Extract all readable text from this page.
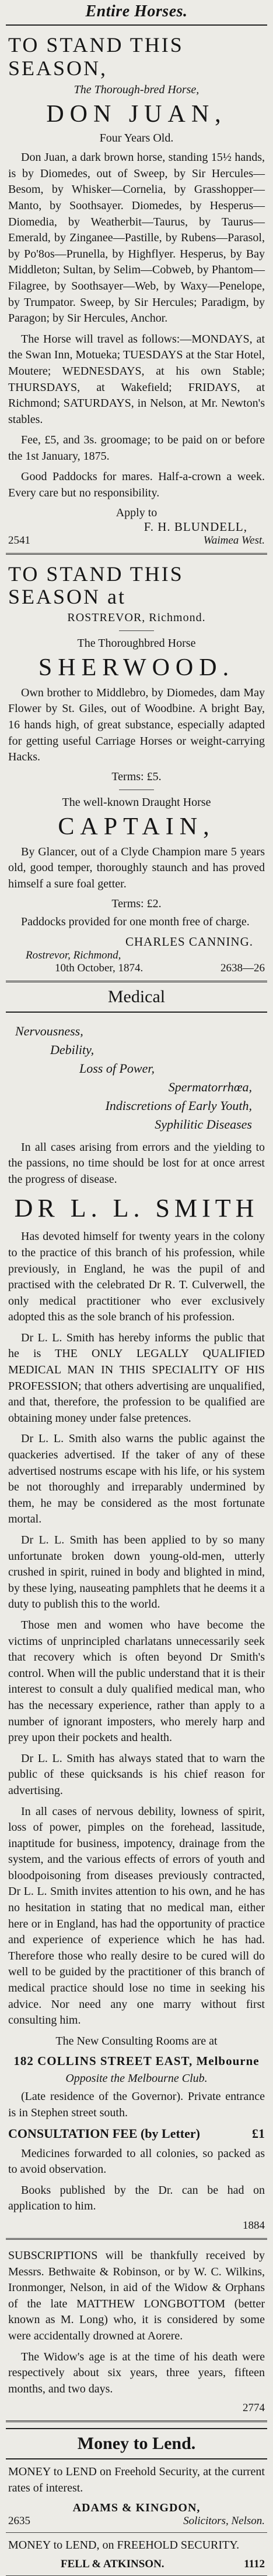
Entire Horses.
TO STAND THIS SEASON,
The Thorough-bred Horse,
DON JUAN,
Four Years Old.

Don Juan, a dark brown horse, standing 15½ hands, is by Diomedes, out of Sweep, by Sir Hercules—Besom, by Whisker—Cornelia, by Grasshopper—Manto, by Soothsayer. Diomedes, by Hesperus—Diomedia, by Weatherbit—Taurus, by Taurus—Emerald, by Zinganee—Pastille, by Rubens—Parasol, by Po'8os—Prunella, by Highflyer. Hesperus, by Bay Middleton; Sultan, by Selim—Cobweb, by Phantom—Filagree, by Soothsayer—Web, by Waxy—Penelope, by Trumpator. Sweep, by Sir Hercules; Paradigm, by Paragon; by Sir Hercules, Anchor.

The Horse will travel as follows:—MONDAYS, at the Swan Inn, Motueka; TUESDAYS at the Star Hotel, Moutere; WEDNESDAYS, at his own Stable; THURSDAYS, at Wakefield; FRIDAYS, at Richmond; SATURDAYS, in Nelson, at Mr. Newton's stables.

Fee, £5, and 3s. groomage; to be paid on or before the 1st January, 1875.

Good Paddocks for mares. Half-a-crown a week. Every care but no responsibility.

Apply to
F. H. BLUNDELL,
2541	Waimea West.
TO STAND THIS SEASON at
ROSTREVOR, Richmond.
The Thoroughbred Horse
SHERWOOD.

Own brother to Middlebro, by Diomedes, dam May Flower by St. Giles, out of Woodbine. A bright Bay, 16 hands high, of great substance, especially adapted for getting useful Carriage Horses or weight-carrying Hacks.

Terms: £5.
The well-known Draught Horse
CAPTAIN,

By Glancer, out of a Clyde Champion mare 5 years old, good temper, thoroughly staunch and has proved himself a sure foal getter.

Terms: £2.

Paddocks provided for one month free of charge.

CHARLES CANNING.
Rostrevor, Richmond,
10th October, 1874.	2638—26
Medical
Nervousness,
Debility,
Loss of Power,
Spermatorrhœa,
Indiscretions of Early Youth,
Syphilitic Diseases

In all cases arising from errors and the yielding to the passions, no time should be lost for at once arrest the progress of disease.

DR L. L. SMITH

Has devoted himself for twenty years in the colony to the practice of this branch of his profession, while previously, in England, he was the pupil of and practised with the celebrated Dr R. T. Culverwell, the only medical practitioner who ever exclusively adopted this as the sole branch of his profession.

Dr L. L. Smith has hereby informs the public that he is THE ONLY LEGALLY QUALIFIED MEDICAL MAN IN THIS SPECIALITY OF HIS PROFESSION; that others advertising are unqualified, and that, therefore, the profession to be qualified are obtaining money under false pretences.

Dr L. L. Smith also warns the public against the quackeries advertised. If the taker of any of these advertised nostrums escape with his life, or his system be not thoroughly and irreparably undermined by them, he may be considered as the most fortunate mortal.

Dr L. L. Smith has been applied to by so many unfortunate broken down young-old-men, utterly crushed in spirit, ruined in body and blighted in mind, by these lying, nauseating pamphlets that he deems it a duty to publish this to the world.

Those men and women who have become the victims of unprincipled charlatans unnecessarily seek that recovery which is often beyond Dr Smith's control. When will the public understand that it is their interest to consult a duly qualified medical man, who has the necessary experience, rather than apply to a number of ignorant imposters, who merely harp and prey upon their pockets and health.

Dr L. L. Smith has always stated that to warn the public of these quicksands is his chief reason for advertising.

In all cases of nervous debility, lowness of spirit, loss of power, pimples on the forehead, lassitude, inaptitude for business, impotency, drainage from the system, and the various effects of errors of youth and bloodpoisoning from diseases previously contracted, Dr L. L. Smith invites attention to his own, and he has no hesitation in stating that no medical man, either here or in England, has had the opportunity of practice and experience of experience which he has had. Therefore those who really desire to be cured will do well to be guided by the practitioner of this branch of medical practice should lose no time in seeking his advice. Nor need any one marry without first consulting him.

The New Consulting Rooms are at

182 COLLINS STREET EAST, Melbourne
Opposite the Melbourne Club.

(Late residence of the Governor). Private entrance is in Stephen street south.

CONSULTATION FEE (by Letter)	£1

Medicines forwarded to all colonies, so packed as to avoid observation.

Books published by the Dr. can be had on application to him.

1884

SUBSCRIPTIONS will be thankfully received by Messrs. Bethwaite & Robinson, or by W. C. Wilkins, Ironmonger, Nelson, in aid of the Widow & Orphans of the late MATTHEW LONGBOTTOM (better known as M. Long) who, it is considered by some were accidentally drowned at Aorere.

The Widow's age is at the time of his death were respectively about six years, three years, fifteen months, and two days.

2774
Money to Lend.

MONEY to LEND on Freehold Security, at the current rates of interest.

ADAMS & KINGDON,
2635	Solicitors, Nelson.

MONEY to LEND, on FREEHOLD SECURITY.

FELL & ATKINSON.	1112
